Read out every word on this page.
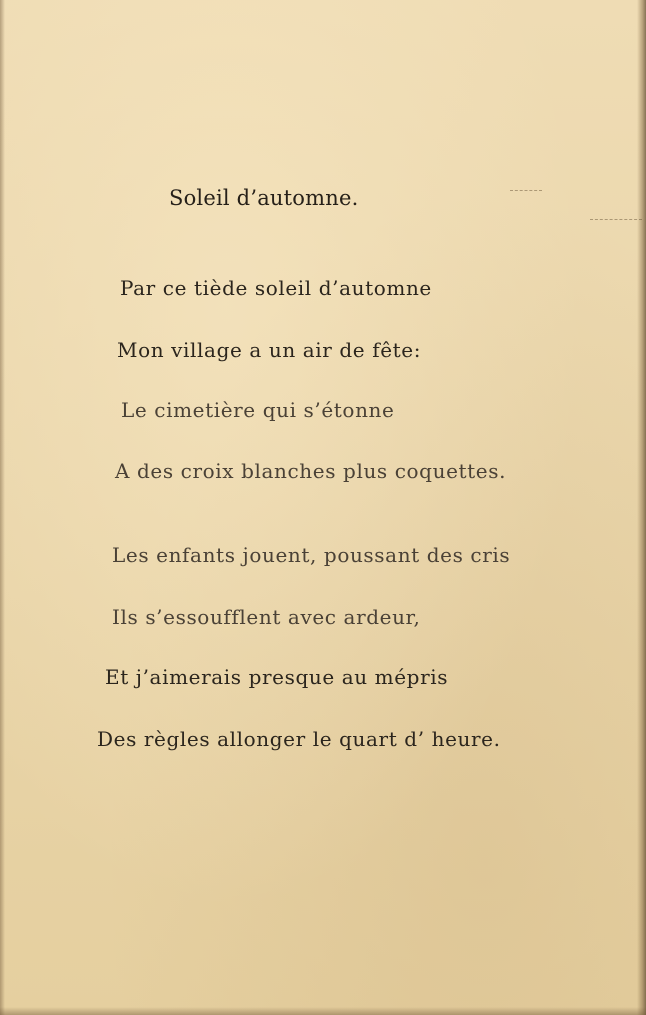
Soleil d’automne.
Par ce tiède soleil d’automne
Mon village a un air de fête:
Le cimetière qui s’étonne
A des croix blanches plus coquettes.
Les enfants jouent, poussant des cris
Ils s’essoufflent avec ardeur,
Et j’aimerais presque au mépris
Des règles allonger le quart d’ heure.
